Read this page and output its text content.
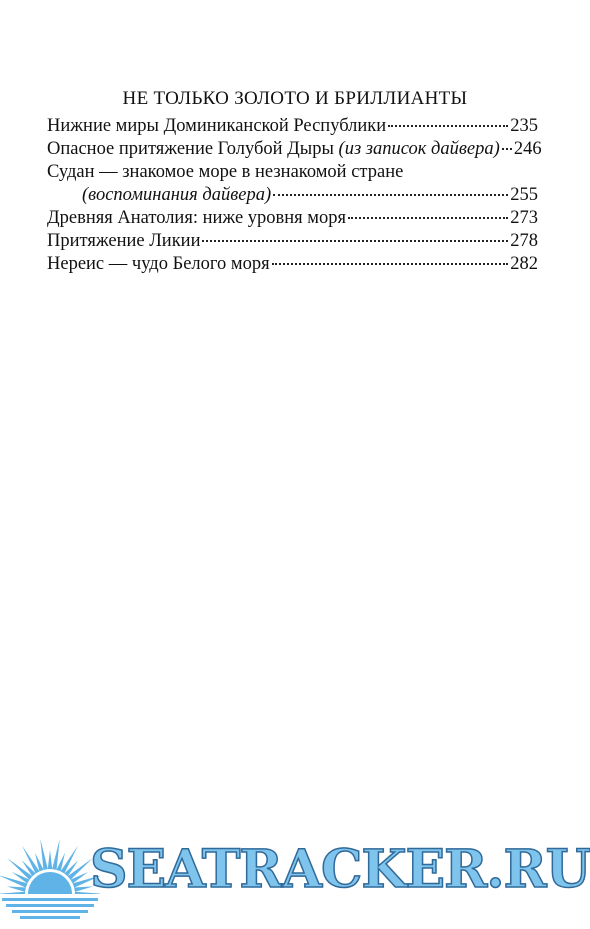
НЕ ТОЛЬКО ЗОЛОТО И БРИЛЛИАНТЫ
Нижние миры Доминиканской Республики	235
Опасное притяжение Голубой Дыры (из записок дайвера) 246
Судан — знакомое море в незнакомой стране
(воспоминания дайвера)	255
Древняя Анатолия: ниже уровня моря	273
Притяжение Ликии	278
Нереис — чудо Белого моря	282
SEATRACKER.RU
